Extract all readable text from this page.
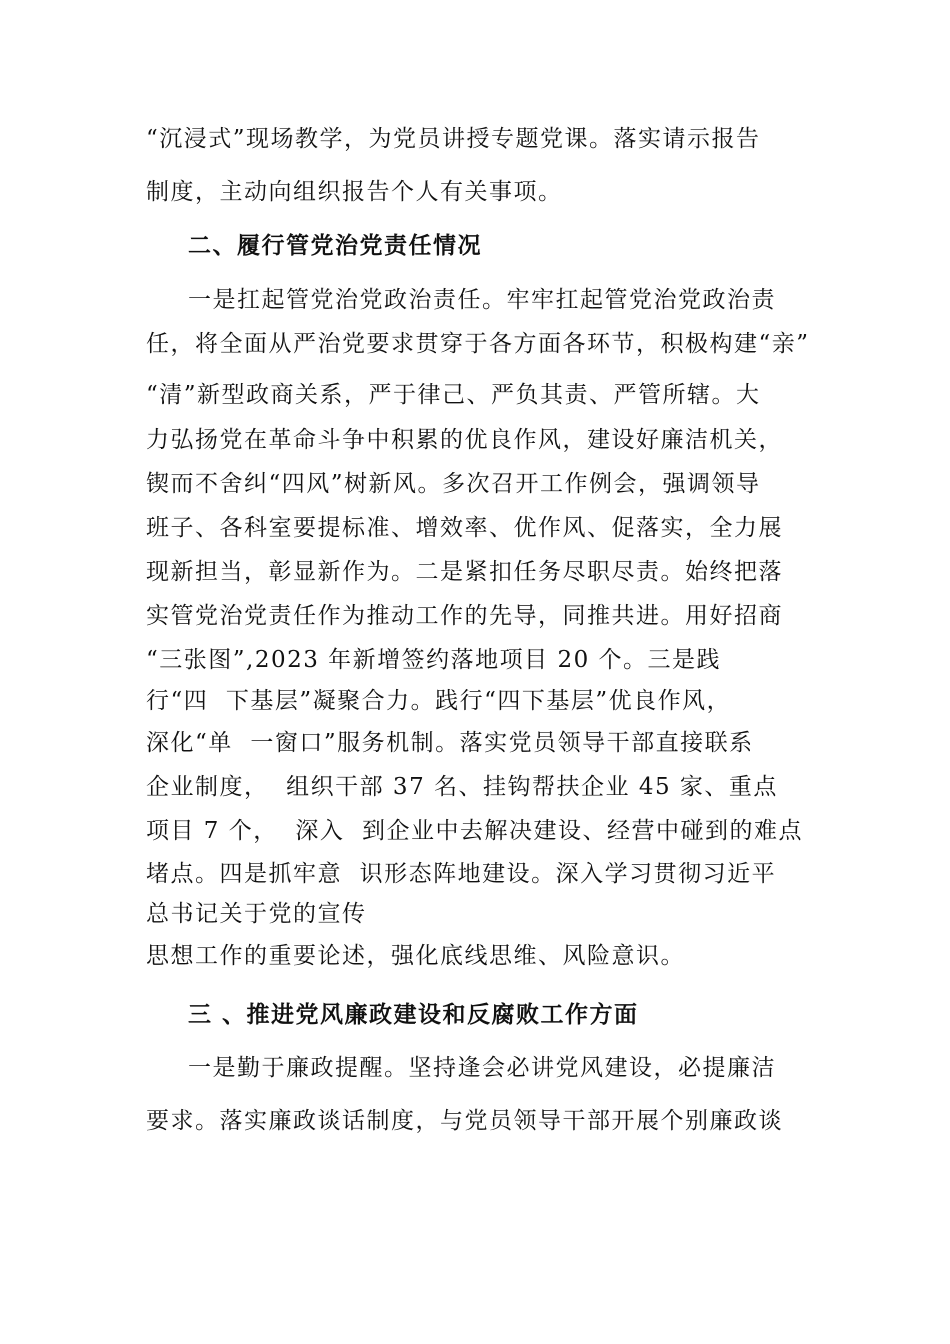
“沉浸式”现场教学，为党员讲授专题党课。落实请示报告
制度，主动向组织报告个人有关事项。
二、履行管党治党责任情况
一是扛起管党治党政治责任。牢牢扛起管党治党政治责
任，将全面从严治党要求贯穿于各方面各环节，积极构建“亲”
“清”新型政商关系，严于律己、严负其责、严管所辖。大
力弘扬党在革命斗争中积累的优良作风，建设好廉洁机关，
锲而不舍纠“四风”树新风。多次召开工作例会，强调领导
班子、各科室要提标准、增效率、优作风、促落实，全力展
现新担当，彰显新作为。二是紧扣任务尽职尽责。始终把落
实管党治党责任作为推动工作的先导，同推共进。用好招商
“三张图”,2023 年新增签约落地项目 20 个。三是践
行“四  下基层”凝聚合力。践行“四下基层”优良作风，
深化“单  一窗口”服务机制。落实党员领导干部直接联系
企业制度，  组织干部 37 名、挂钩帮扶企业 45 家、重点
项目 7 个，  深入  到企业中去解决建设、经营中碰到的难点
堵点。四是抓牢意  识形态阵地建设。深入学习贯彻习近平
总书记关于党的宣传
思想工作的重要论述，强化底线思维、风险意识。
三 、推进党风廉政建设和反腐败工作方面
一是勤于廉政提醒。坚持逢会必讲党风建设，必提廉洁
要求。落实廉政谈话制度，与党员领导干部开展个别廉政谈
